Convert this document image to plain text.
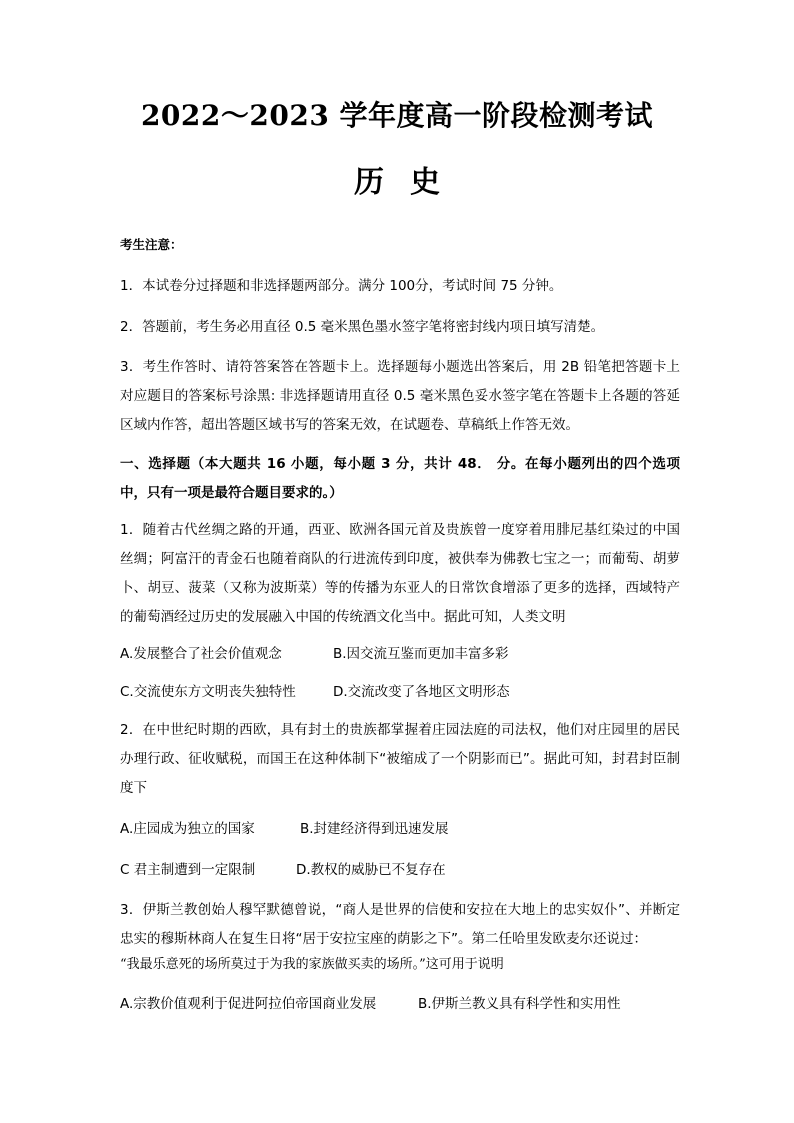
2022～2023 学年度高一阶段检测考试
历史
考生注意：

1．本试卷分过择题和非选择题两部分。满分 100分，考试时间 75 分钟。

2．答题前，考生务必用直径 0.5 毫米黑色墨水签字笔将密封线内项日填写清楚。

3．考生作答时、请符答案答在答题卡上。选择题每小题选出答案后，用 2B 铅笔把答题卡上对应题目的答案标号涂黑: 非选择题请用直径 0.5 毫米黑色妥水签字笔在答题卡上各题的答延区域内作答，超出答题区域书写的答案无效，在试题卷、草稿纸上作答无效。

一、选择题（本大题共 16 小题，每小题 3 分，共计 48． 分。在每小题列出的四个选项中，只有一项是最符合题目要求的。）

1．随着古代丝绸之路的开通，西亚、欧洲各国元首及贵族曾一度穿着用腓尼基红染过的中国丝绸；阿富汗的青金石也随着商队的行进流传到印度，被供奉为佛教七宝之一；而葡萄、胡萝卜、胡豆、菠菜（又称为波斯菜）等的传播为东亚人的日常饮食增添了更多的选择，西域特产的葡萄酒经过历史的发展融入中国的传统酒文化当中。据此可知，人类文明

A.发展整合了社会价值观念	B.因交流互鉴而更加丰富多彩
C.交流使东方文明丧失独特性	D.交流改变了各地区文明形态

2．在中世纪时期的西欧，具有封土的贵族都掌握着庄园法庭的司法权，他们对庄园里的居民办理行政、征收赋税，而国王在这种体制下“被缩成了一个阴影而已”。据此可知，封君封臣制度下

A.庄园成为独立的国家	B.封建经济得到迅速发展
C 君主制遭到一定限制	D.教权的威胁已不复存在

3．伊斯兰教创始人穆罕默德曾说，“商人是世界的信使和安拉在大地上的忠实奴仆”、并断定忠实的穆斯林商人在复生日将“居于安拉宝座的荫影之下”。第二任哈里发欧麦尔还说过：

“我最乐意死的场所莫过于为我的家族做买卖的场所。”这可用于说明

A.宗教价值观利于促进阿拉伯帝国商业发展	B.伊斯兰教义具有科学性和实用性
